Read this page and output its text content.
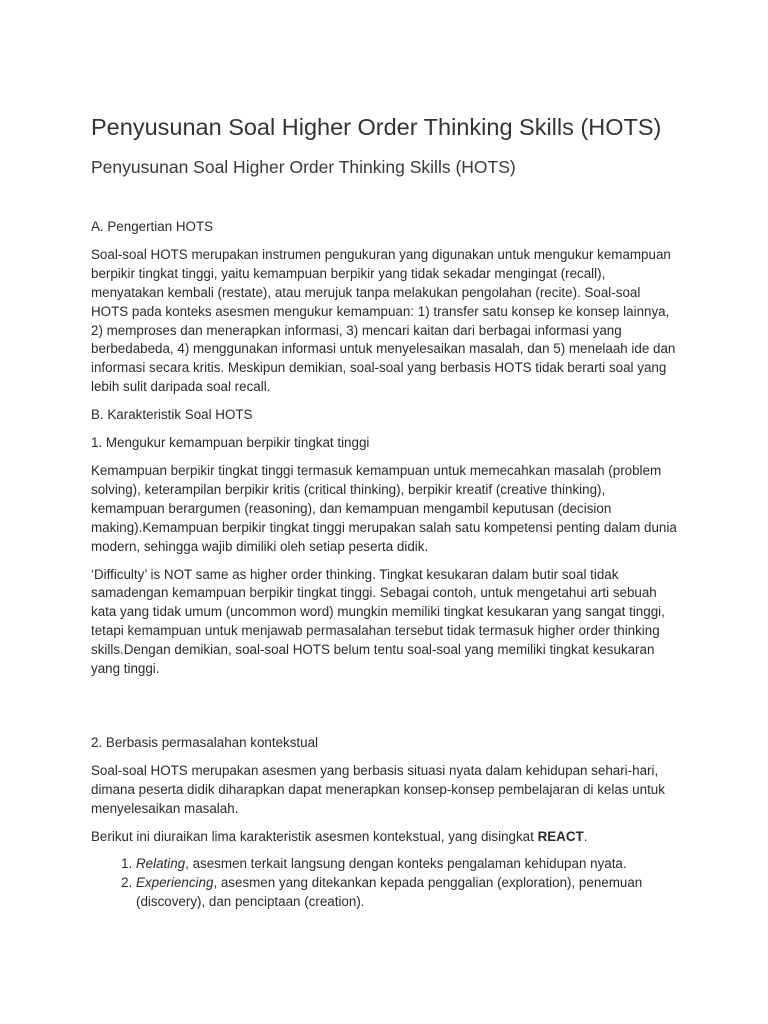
Penyusunan Soal Higher Order Thinking Skills (HOTS)
Penyusunan Soal Higher Order Thinking Skills (HOTS)

A. Pengertian HOTS

Soal-soal HOTS merupakan instrumen pengukuran yang digunakan untuk mengukur kemampuan berpikir tingkat tinggi, yaitu kemampuan berpikir yang tidak sekadar mengingat (recall), menyatakan kembali (restate), atau merujuk tanpa melakukan pengolahan (recite). Soal-soal HOTS pada konteks asesmen mengukur kemampuan: 1) transfer satu konsep ke konsep lainnya, 2) memproses dan menerapkan informasi, 3) mencari kaitan dari berbagai informasi yang berbedabeda, 4) menggunakan informasi untuk menyelesaikan masalah, dan 5) menelaah ide dan informasi secara kritis. Meskipun demikian, soal-soal yang berbasis HOTS tidak berarti soal yang lebih sulit daripada soal recall.

B. Karakteristik Soal HOTS

1. Mengukur kemampuan berpikir tingkat tinggi

Kemampuan berpikir tingkat tinggi termasuk kemampuan untuk memecahkan masalah (problem solving), keterampilan berpikir kritis (critical thinking), berpikir kreatif (creative thinking), kemampuan berargumen (reasoning), dan kemampuan mengambil keputusan (decision making).Kemampuan berpikir tingkat tinggi merupakan salah satu kompetensi penting dalam dunia modern, sehingga wajib dimiliki oleh setiap peserta didik.

‘Difficulty’ is NOT same as higher order thinking. Tingkat kesukaran dalam butir soal tidak samadengan kemampuan berpikir tingkat tinggi. Sebagai contoh, untuk mengetahui arti sebuah kata yang tidak umum (uncommon word) mungkin memiliki tingkat kesukaran yang sangat tinggi, tetapi kemampuan untuk menjawab permasalahan tersebut tidak termasuk higher order thinking skills.Dengan demikian, soal-soal HOTS belum tentu soal-soal yang memiliki tingkat kesukaran yang tinggi.

2. Berbasis permasalahan kontekstual

Soal-soal HOTS merupakan asesmen yang berbasis situasi nyata dalam kehidupan sehari-hari, dimana peserta didik diharapkan dapat menerapkan konsep-konsep pembelajaran di kelas untuk menyelesaikan masalah.

Berikut ini diuraikan lima karakteristik asesmen kontekstual, yang disingkat REACT.

1. Relating, asesmen terkait langsung dengan konteks pengalaman kehidupan nyata.
2. Experiencing, asesmen yang ditekankan kepada penggalian (exploration), penemuan (discovery), dan penciptaan (creation).
